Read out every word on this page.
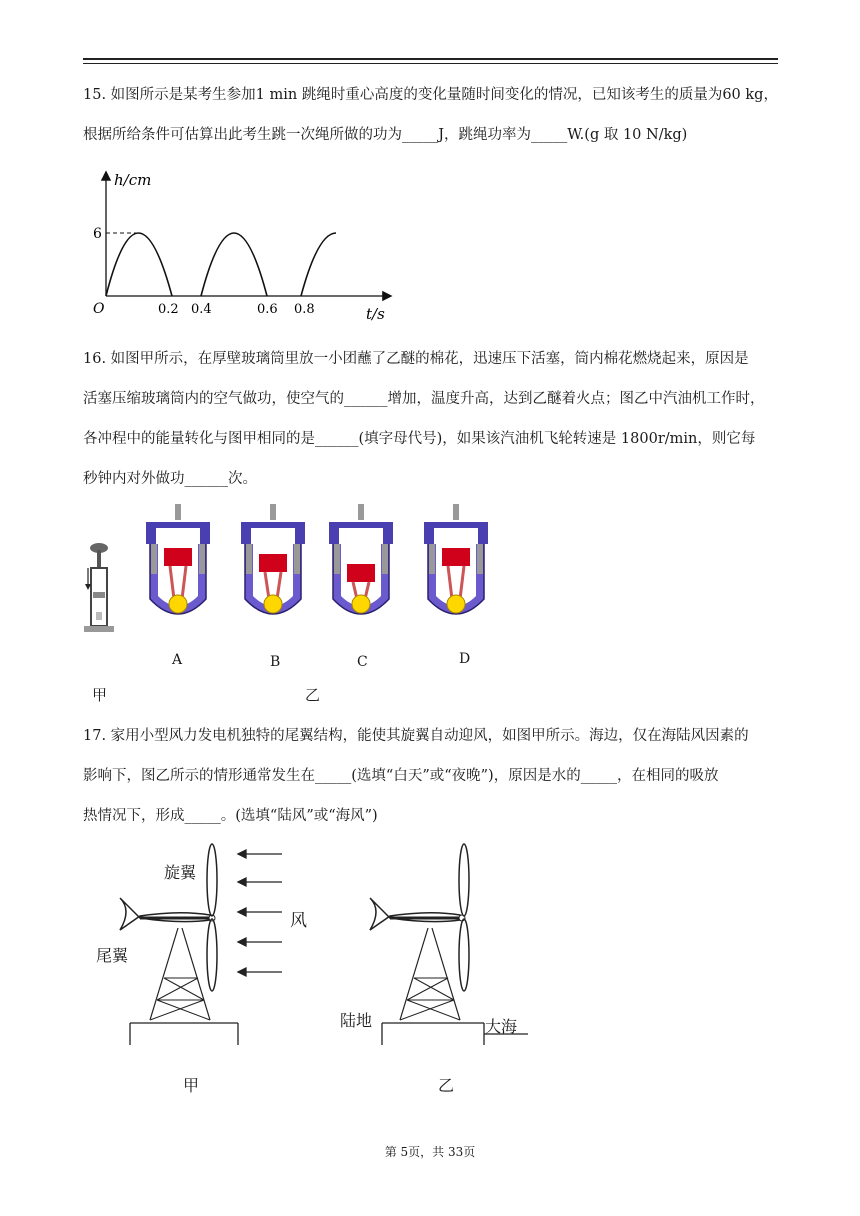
15. 如图所示是某考生参加1 min 跳绳时重心高度的变化量随时间变化的情况，已知该考生的质量为60 kg，
根据所给条件可估算出此考生跳一次绳所做的功为_____J，跳绳功率为_____W.(g 取 10 N/kg)
h/cm
6
O	0.2 0.4	0.6 0.8	t/s
16. 如图甲所示，在厚壁玻璃筒里放一小团蘸了乙醚的棉花，迅速压下活塞，筒内棉花燃烧起来，原因是
活塞压缩玻璃筒内的空气做功，使空气的______增加，温度升高，达到乙醚着火点；图乙中汽油机工作时，
各冲程中的能量转化与图甲相同的是______(填字母代号)，如果该汽油机飞轮转速是 1800r/min，则它每
秒钟内对外做功______次。
A	B	C	D
甲	乙
17. 家用小型风力发电机独特的尾翼结构，能使其旋翼自动迎风，如图甲所示。海边，仅在海陆风因素的
影响下，图乙所示的情形通常发生在_____(选填“白天”或“夜晚”)，原因是水的_____，在相同的吸放
热情况下，形成_____。(选填“陆风”或“海风”)
旋翼
尾翼
风
甲
陆地	大海
乙
第 5页，共 33页
